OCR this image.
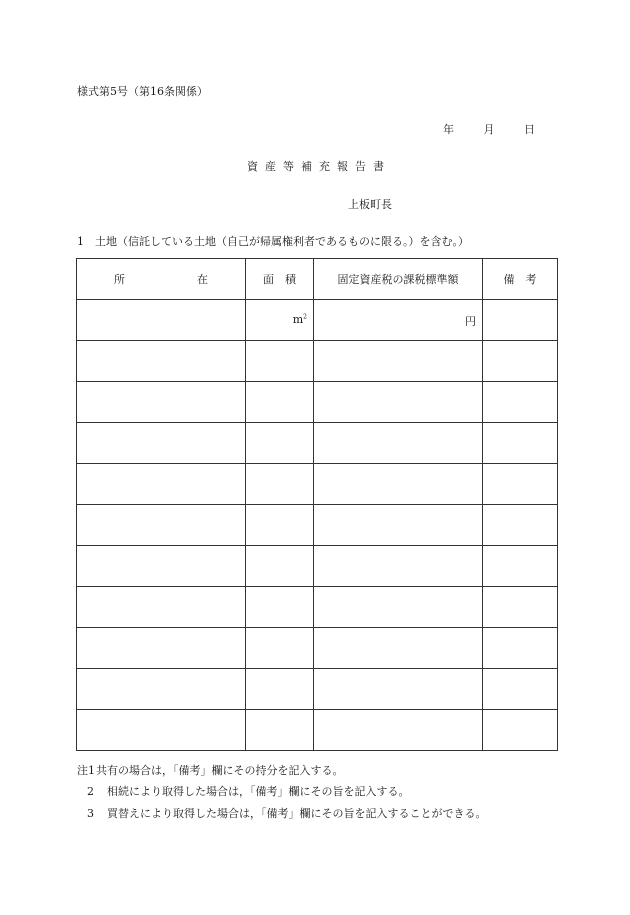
様式第5号（第16条関係）
年	月	日
資産等補充報告書
上板町長
1　土地（信託している土地（自己が帰属権利者であるものに限る。）を含む。）
所 在	面　積	固定資産税の課税標準額	備　考
	$m^2$	円	

注1共有の場合は，「備考」欄にその持分を記入する。
2 相続により取得した場合は，「備考」欄にその旨を記入する。
3 買替えにより取得した場合は，「備考」欄にその旨を記入することができる。
